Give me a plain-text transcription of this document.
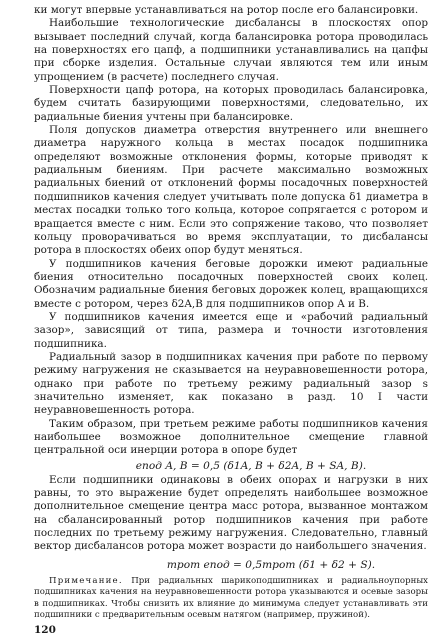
ки могут впервые устанавливаться на ротор после его балансировки.

Наибольшие технологические дисбалансы в плоскостях опор вызывает последний случай, когда балансировка ротора проводилась на поверхностях его цапф, а подшипники устанавливались на цапфы при сборке изделия. Остальные случаи являются тем или иным упрощением (в расчете) последнего случая.

Поверхности цапф ротора, на которых проводилась балансировка, будем считать базирующими поверхностями, следовательно, их радиальные биения учтены при балансировке.

Поля допусков диаметра отверстия внутреннего или внешнего диаметра наружного кольца в местах посадок подшипника определяют возможные отклонения формы, которые приводят к радиальным биениям. При расчете максимально возможных радиальных биений от отклонений формы посадочных поверхностей подшипников качения следует учитывать поле допуска δ1 диаметра в местах посадки только того кольца, которое сопрягается с ротором и вращается вместе с ним. Если это сопряжение таково, что позволяет кольцу проворачиваться во время эксплуатации, то дисбалансы ротора в плоскостях обеих опор будут меняться.

У подшипников качения беговые дорожки имеют радиальные биения относительно посадочных поверхностей своих колец. Обозначим радиальные биения беговых дорожек колец, вращающихся вместе с ротором, через δ2A,B для подшипников опор A и B.

У подшипников качения имеется еще и «рабочий радиальный зазор», зависящий от типа, размера и точности изготовления подшипника.

Радиальный зазор в подшипниках качения при работе по первому режиму нагружения не сказывается на неуравновешенности ротора, однако при работе по третьему режиму радиальный зазор s значительно изменяет, как показано в разд. 10 I части неуравновешенность ротора.

Таким образом, при третьем режиме работы подшипников качения наибольшее возможное дополнительное смещение главной центральной оси инерции ротора в опоре будет

eпод A, B = 0,5 (δ1A, B + δ2A, B + SA, B).

Если подшипники одинаковы в обеих опорах и нагрузки в них равны, то это выражение будет определять наибольшее возможное дополнительное смещение центра масс ротора, вызванное монтажом на сбалансированный ротор подшипников качения при работе последних по третьему режиму нагружения. Следовательно, главный вектор дисбалансов ротора может возрасти до наибольшего значения.

mрот eпод = 0,5mрот (δ1 + δ2 + S).
Примечание. При радиальных шарикоподшипниках и радиальноупорных подшипниках качения на неуравновешенности ротора указываются и осевые зазоры в подшипниках. Чтобы снизить их влияние до минимума следует устанавливать эти подшипники с предварительным осевым натягом (например, пружиной).
120
